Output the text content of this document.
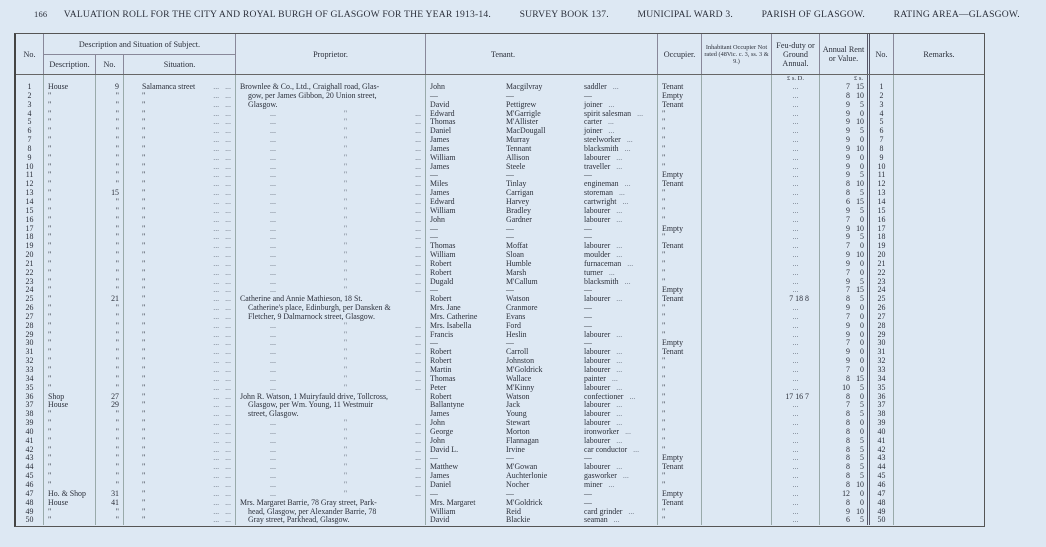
166 VALUATION ROLL FOR THE CITY AND ROYAL BURGH OF GLASGOW FOR THE YEAR 1913-14.	SURVEY BOOK 137.	MUNICIPAL WARD 3.	PARISH OF GLASGOW.	RATING AREA—GLASGOW.
No.
Description and Situation of Subject.
Description.	No.	Situation.
Proprietor.	Tenant.	Occupier.
Inhabitant Occupier Not rated (48Vic. c. 3, ss. 3 & 9.)
Feu-duty or Ground Annual.
Annual Rent or Value.	No.	Remarks.
£ s. D.	£ s.
1	House	9	Salamanca street ...   ...	Brownlee & Co., Ltd., Craighall road, Glas-	John	Macgilvray	saddler ...	Tenant	...	7 15	1
2	"	"	"	...   ...	gow, per James Gibbon, 20 Union street,	—	—	—	Empty	...	8 10	2
3	"	"	"	...   ...	Glasgow.	David	Pettigrew	joiner ...	Tenant	...	9	5	3
4	"	"	"	...   ...	...	"	...	Edward	M'Garrigle	spirit salesman ...	"	...	9	0	4
5	"	"	"	...   ...	...	"	...	Thomas	M'Allister	carter ...	"	...	9 10	5
6	"	"	"	...   ...	...	"	...	Daniel	MacDougall	joiner ...	"	...	9	5	6
7	"	"	"	...   ...	...	"	...	James	Murray	steelworker ...	"	...	9	0	7
8	"	"	"	...   ...	...	"	...	James	Tennant	blacksmith ...	"	...	9 10	8
9	"	"	"	...   ...	...	"	...	William	Allison	labourer ...	"	...	9	0	9
10	"	"	"	...   ...	...	"	...	James	Steele	traveller ...	"	...	9	0	10
11	"	"	"	...   ...	...	"	...	—	—	—	Empty	...	9	5	11
12	"	"	"	...   ...	...	"	...	Miles	Tinlay	engineman ...	Tenant	...	8 10	12
13	"	15	"	...   ...	...	"	...	James	Carrigan	storeman ...	"	...	8	5	13
14	"	"	"	...   ...	...	"	...	Edward	Harvey	cartwright ...	"	...	6 15	14
15	"	"	"	...   ...	...	"	...	William	Bradley	labourer ...	"	...	9	5	15
16	"	"	"	...   ...	...	"	...	John	Gardner	labourer ...	"	...	7	0	16
17	"	"	"	...   ...	...	"	...	—	—	—	Empty	...	9 10	17
18	"	"	"	...   ...	...	"	...	—	—	—	"	...	9	5	18
19	"	"	"	...   ...	...	"	...	Thomas	Moffat	labourer ...	Tenant	...	7	0	19
20	"	"	"	...   ...	...	"	...	William	Sloan	moulder ...	"	...	9 10	20
21	"	"	"	...   ...	...	"	...	Robert	Humble	furnaceman ...	"	...	9	0	21
22	"	"	"	...   ...	...	"	...	Robert	Marsh	turner ...	"	...	7	0	22
23	"	"	"	...   ...	...	"	...	Dugald	M'Callum	blacksmith ...	"	...	9	5	23
24	"	"	"	...   ...	...	"	...	—	—	—	Empty	...	7 15	24
25	"	21	"	...   ...	Catherine and Annie Mathieson, 18 St.	Robert	Watson	labourer ...	Tenant	7 18 8	8	5	25
26	"	"	"	...   ...	Catherine's place, Edinburgh, per Dansken &	Mrs. Jane	Cranmore	—	"	...	9	0	26
27	"	"	"	...   ...	Fletcher, 9 Dalmarnock street, Glasgow.	Mrs. Catherine	Evans	—	"	...	7	0	27
28	"	"	"	...   ...	...	"	...	Mrs. Isabella	Ford	—	"	...	9	0	28
29	"	"	"	...   ...	...	"	...	Francis	Heslin	labourer ...	"	...	9	0	29
30	"	"	"	...   ...	...	"	...	—	—	—	Empty	...	7	0	30
31	"	"	"	...   ...	...	"	...	Robert	Carroll	labourer ...	Tenant	...	9	0	31
32	"	"	"	...   ...	...	"	...	Robert	Johnston	labourer ...	"	...	9	0	32
33	"	"	"	...   ...	...	"	...	Martin	M'Goldrick	labourer ...	"	...	7	0	33
34	"	"	"	...   ...	...	"	...	Thomas	Wallace	painter ...	"	...	8 15	34
35	"	"	"	...   ...	...	"	...	Peter	M'Kinny	labourer ...	"	...	10	5	35
36	Shop	27	"	...   ...	John R. Watson, 1 Muiryfauld drive, Tollcross,	Robert	Watson	confectioner ...	"	17 16 7	8	0	36
37	House	29	"	...   ...	Glasgow, per Wm. Young, 11 Westmuir	Ballantyne	Jack	labourer ...	"	...	7	5	37
38	"	"	"	...   ...	street, Glasgow.	James	Young	labourer ...	"	...	8	5	38
39	"	"	"	...   ...	...	"	...	John	Stewart	labourer ...	"	...	8	0	39
40	"	"	"	...   ...	...	"	...	George	Morton	ironworker ...	"	...	8	0	40
41	"	"	"	...   ...	...	"	...	John	Flannagan	labourer ...	"	...	8	5	41
42	"	"	"	...   ...	...	"	...	David L.	Irvine	car conductor ...	"	...	8	5	42
43	"	"	"	...   ...	...	"	...	—	—	—	Empty	...	8	5	43
44	"	"	"	...   ...	...	"	...	Matthew	M'Gowan	labourer ...	Tenant	...	8	5	44
45	"	"	"	...   ...	...	"	...	James	Auchterlonie	gasworker ...	"	...	8	5	45
46	"	"	"	...   ...	...	"	...	Daniel	Nocher	miner ...	"	...	8 10	46
47	Ho. & Shop	31	"	...   ...	...	"	...	—	—	—	Empty	...	12	0	47
48	House	41	"	...   ...	Mrs. Margaret Barrie, 78 Gray street, Park-	Mrs. Margaret	M'Goldrick	—	Tenant	...	8	0	48
49	"	"	"	...   ...	head, Glasgow, per Alexander Barrie, 78	William	Reid	card grinder ...	"	...	9 10	49
50	"	"	"	...   ...	Gray street, Parkhead, Glasgow.	David	Blackie	seaman ...	"	...	6	5	50
